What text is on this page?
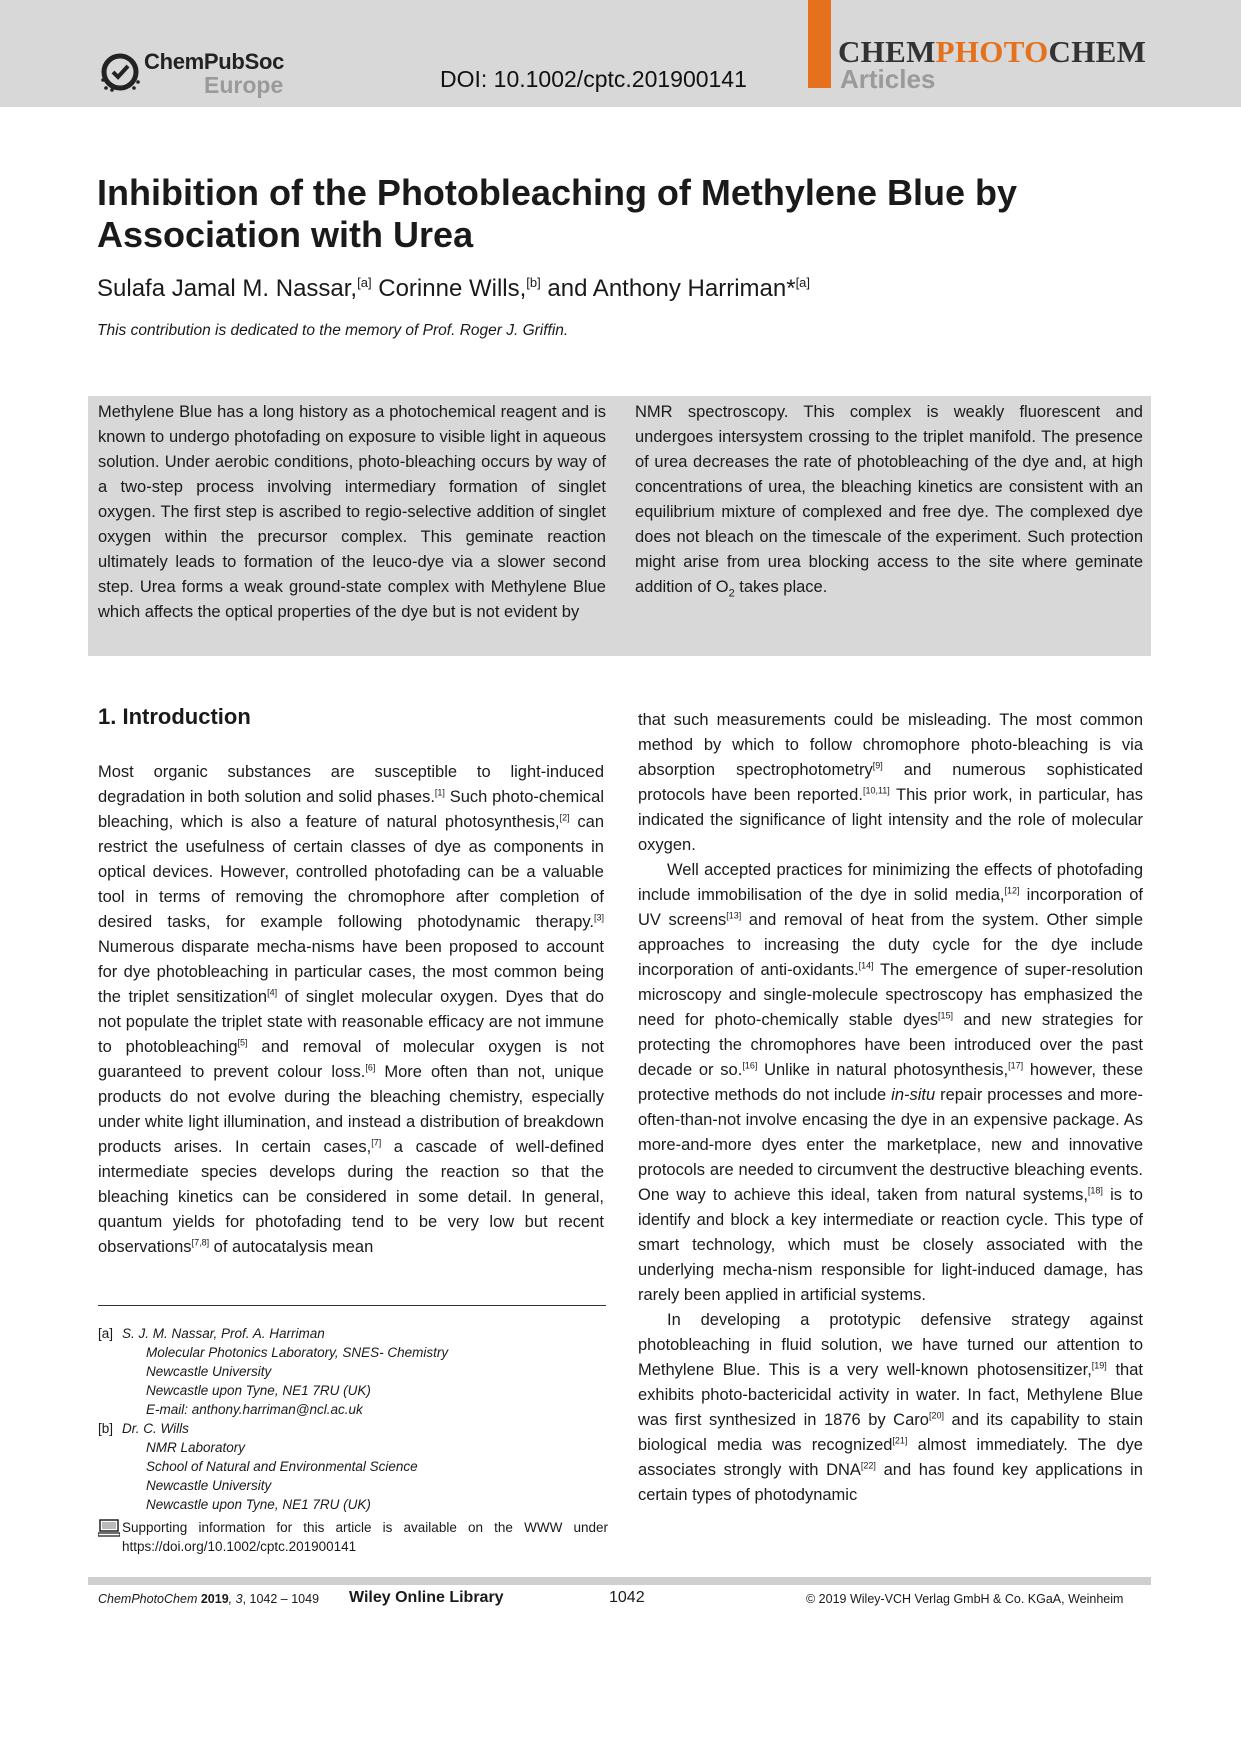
ChemPubSoc
Europe	DOI: 10.1002/cptc.201900141
CHEMPHOTOCHEM
Articles
Inhibition of the Photobleaching of Methylene Blue by Association with Urea
Sulafa Jamal M. Nassar,[a] Corinne Wills,[b] and Anthony Harriman*[a]
This contribution is dedicated to the memory of Prof. Roger J. Griffin.
Methylene Blue has a long history as a photochemical reagent and is known to undergo photofading on exposure to visible light in aqueous solution. Under aerobic conditions, photo-bleaching occurs by way of a two-step process involving intermediary formation of singlet oxygen. The first step is ascribed to regio-selective addition of singlet oxygen within the precursor complex. This geminate reaction ultimately leads to formation of the leuco-dye via a slower second step. Urea forms a weak ground-state complex with Methylene Blue which affects the optical properties of the dye but is not evident by
NMR spectroscopy. This complex is weakly fluorescent and undergoes intersystem crossing to the triplet manifold. The presence of urea decreases the rate of photobleaching of the dye and, at high concentrations of urea, the bleaching kinetics are consistent with an equilibrium mixture of complexed and free dye. The complexed dye does not bleach on the timescale of the experiment. Such protection might arise from urea blocking access to the site where geminate addition of $O_2$ takes place.
1. Introduction

Most organic substances are susceptible to light-induced degradation in both solution and solid phases.[1] Such photo-chemical bleaching, which is also a feature of natural photosynthesis,[2] can restrict the usefulness of certain classes of dye as components in optical devices. However, controlled photofading can be a valuable tool in terms of removing the chromophore after completion of desired tasks, for example following photodynamic therapy.[3] Numerous disparate mecha-nisms have been proposed to account for dye photobleaching in particular cases, the most common being the triplet sensitization[4] of singlet molecular oxygen. Dyes that do not populate the triplet state with reasonable efficacy are not immune to photobleaching[5] and removal of molecular oxygen is not guaranteed to prevent colour loss.[6] More often than not, unique products do not evolve during the bleaching chemistry, especially under white light illumination, and instead a distribution of breakdown products arises. In certain cases,[7] a cascade of well-defined intermediate species develops during the reaction so that the bleaching kinetics can be considered in some detail. In general, quantum yields for photofading tend to be very low but recent observations[7,8] of autocatalysis mean

that such measurements could be misleading. The most common method by which to follow chromophore photo-bleaching is via absorption spectrophotometry[9] and numerous sophisticated protocols have been reported.[10,11] This prior work, in particular, has indicated the significance of light intensity and the role of molecular oxygen.

Well accepted practices for minimizing the effects of photofading include immobilisation of the dye in solid media,[12] incorporation of UV screens[13] and removal of heat from the system. Other simple approaches to increasing the duty cycle for the dye include incorporation of anti-oxidants.[14] The emergence of super-resolution microscopy and single-molecule spectroscopy has emphasized the need for photo-chemically stable dyes[15] and new strategies for protecting the chromophores have been introduced over the past decade or so.[16] Unlike in natural photosynthesis,[17] however, these protective methods do not include in-situ repair processes and more-often-than-not involve encasing the dye in an expensive package. As more-and-more dyes enter the marketplace, new and innovative protocols are needed to circumvent the destructive bleaching events. One way to achieve this ideal, taken from natural systems,[18] is to identify and block a key intermediate or reaction cycle. This type of smart technology, which must be closely associated with the underlying mecha-nism responsible for light-induced damage, has rarely been applied in artificial systems.

In developing a prototypic defensive strategy against photobleaching in fluid solution, we have turned our attention to Methylene Blue. This is a very well-known photosensitizer,[19] that exhibits photo-bactericidal activity in water. In fact, Methylene Blue was first synthesized in 1876 by Caro[20] and its capability to stain biological media was recognized[21] almost immediately. The dye associates strongly with DNA[22] and has found key applications in certain types of photodynamic

[a] S. J. M. Nassar, Prof. A. Harriman
Molecular Photonics Laboratory, SNES- Chemistry
Newcastle University
Newcastle upon Tyne, NE1 7RU (UK)
E-mail: anthony.harriman@ncl.ac.uk
[b] Dr. C. Wills
NMR Laboratory
School of Natural and Environmental Science
Newcastle University
Newcastle upon Tyne, NE1 7RU (UK)
Supporting information for this article is available on the WWW under https://doi.org/10.1002/cptc.201900141
ChemPhotoChem 2019, 3, 1042 – 1049 Wiley Online Library	1042	© 2019 Wiley-VCH Verlag GmbH & Co. KGaA, Weinheim
